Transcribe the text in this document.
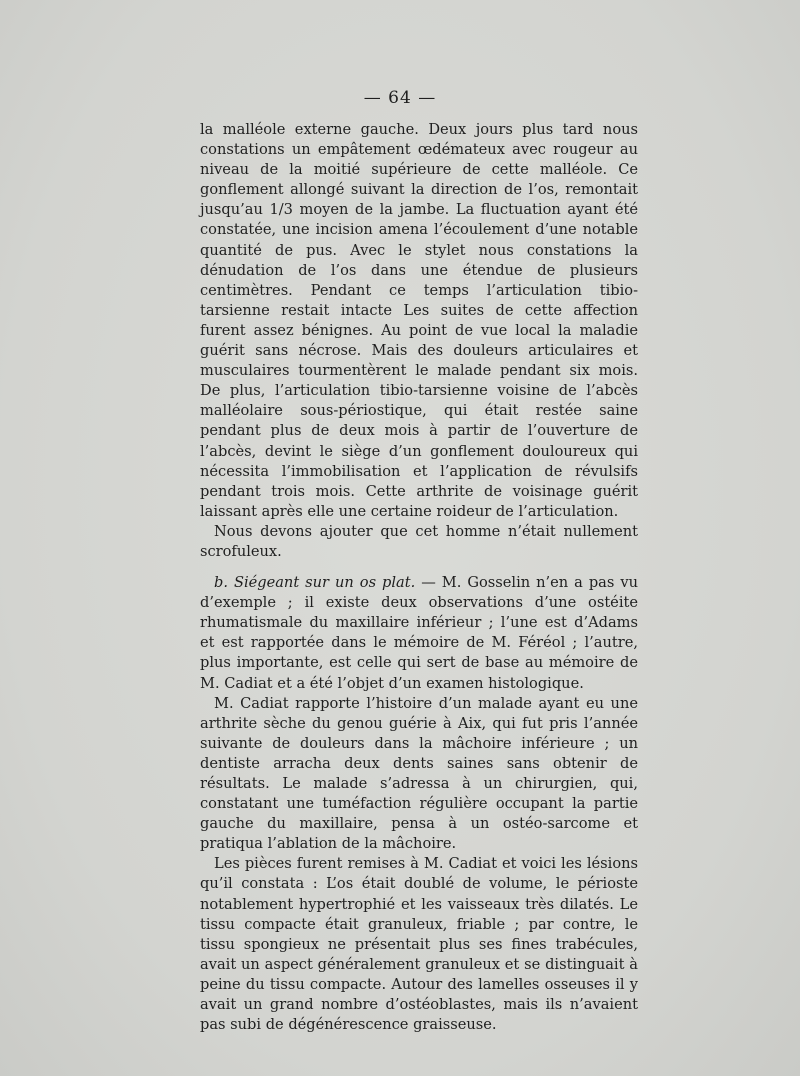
— 64 —

la malléole externe gauche. Deux jours plus tard nous constations un empâtement œdémateux avec rougeur au niveau de la moitié supérieure de cette malléole. Ce gonflement allongé suivant la direction de l’os, remontait jusqu’au 1/3 moyen de la jambe. La fluctuation ayant été constatée, une incision amena l’écoulement d’une notable quantité de pus. Avec le stylet nous constations la dénudation de l’os dans une étendue de plusieurs centimètres. Pendant ce temps l’articulation tibio-tarsienne restait intacte Les suites de cette affection furent assez bénignes. Au point de vue local la maladie guérit sans nécrose. Mais des douleurs articulaires et musculaires tourmentèrent le malade pendant six mois. De plus, l’articulation tibio-tarsienne voisine de l’abcès malléolaire sous-périostique, qui était restée saine pendant plus de deux mois à partir de l’ouverture de l’abcès, devint le siège d’un gonflement douloureux qui nécessita l’immobilisation et l’application de révulsifs pendant trois mois. Cette arthrite de voisinage guérit laissant après elle une certaine roideur de l’articulation.

Nous devons ajouter que cet homme n’était nullement scrofuleux.

b. Siégeant sur un os plat. — M. Gosselin n’en a pas vu d’exemple ; il existe deux observations d’une ostéite rhumatismale du maxillaire inférieur ; l’une est d’Adams et est rapportée dans le mémoire de M. Féréol ; l’autre, plus importante, est celle qui sert de base au mémoire de M. Cadiat et a été l’objet d’un examen histologique.

M. Cadiat rapporte l’histoire d’un malade ayant eu une arthrite sèche du genou guérie à Aix, qui fut pris l’année suivante de douleurs dans la mâchoire inférieure ; un dentiste arracha deux dents saines sans obtenir de résultats. Le malade s’adressa à un chirurgien, qui, constatant une tuméfaction régulière occupant la partie gauche du maxillaire, pensa à un ostéo-sarcome et pratiqua l’ablation de la mâchoire.

Les pièces furent remises à M. Cadiat et voici les lésions qu’il constata : L’os était doublé de volume, le périoste notablement hypertrophié et les vaisseaux très dilatés. Le tissu compacte était granuleux, friable ; par contre, le tissu spongieux ne présentait plus ses fines trabécules, avait un aspect généralement granuleux et se distinguait à peine du tissu compacte. Autour des lamelles osseuses il y avait un grand nombre d’ostéoblastes, mais ils n’avaient pas subi de dégénérescence graisseuse.
